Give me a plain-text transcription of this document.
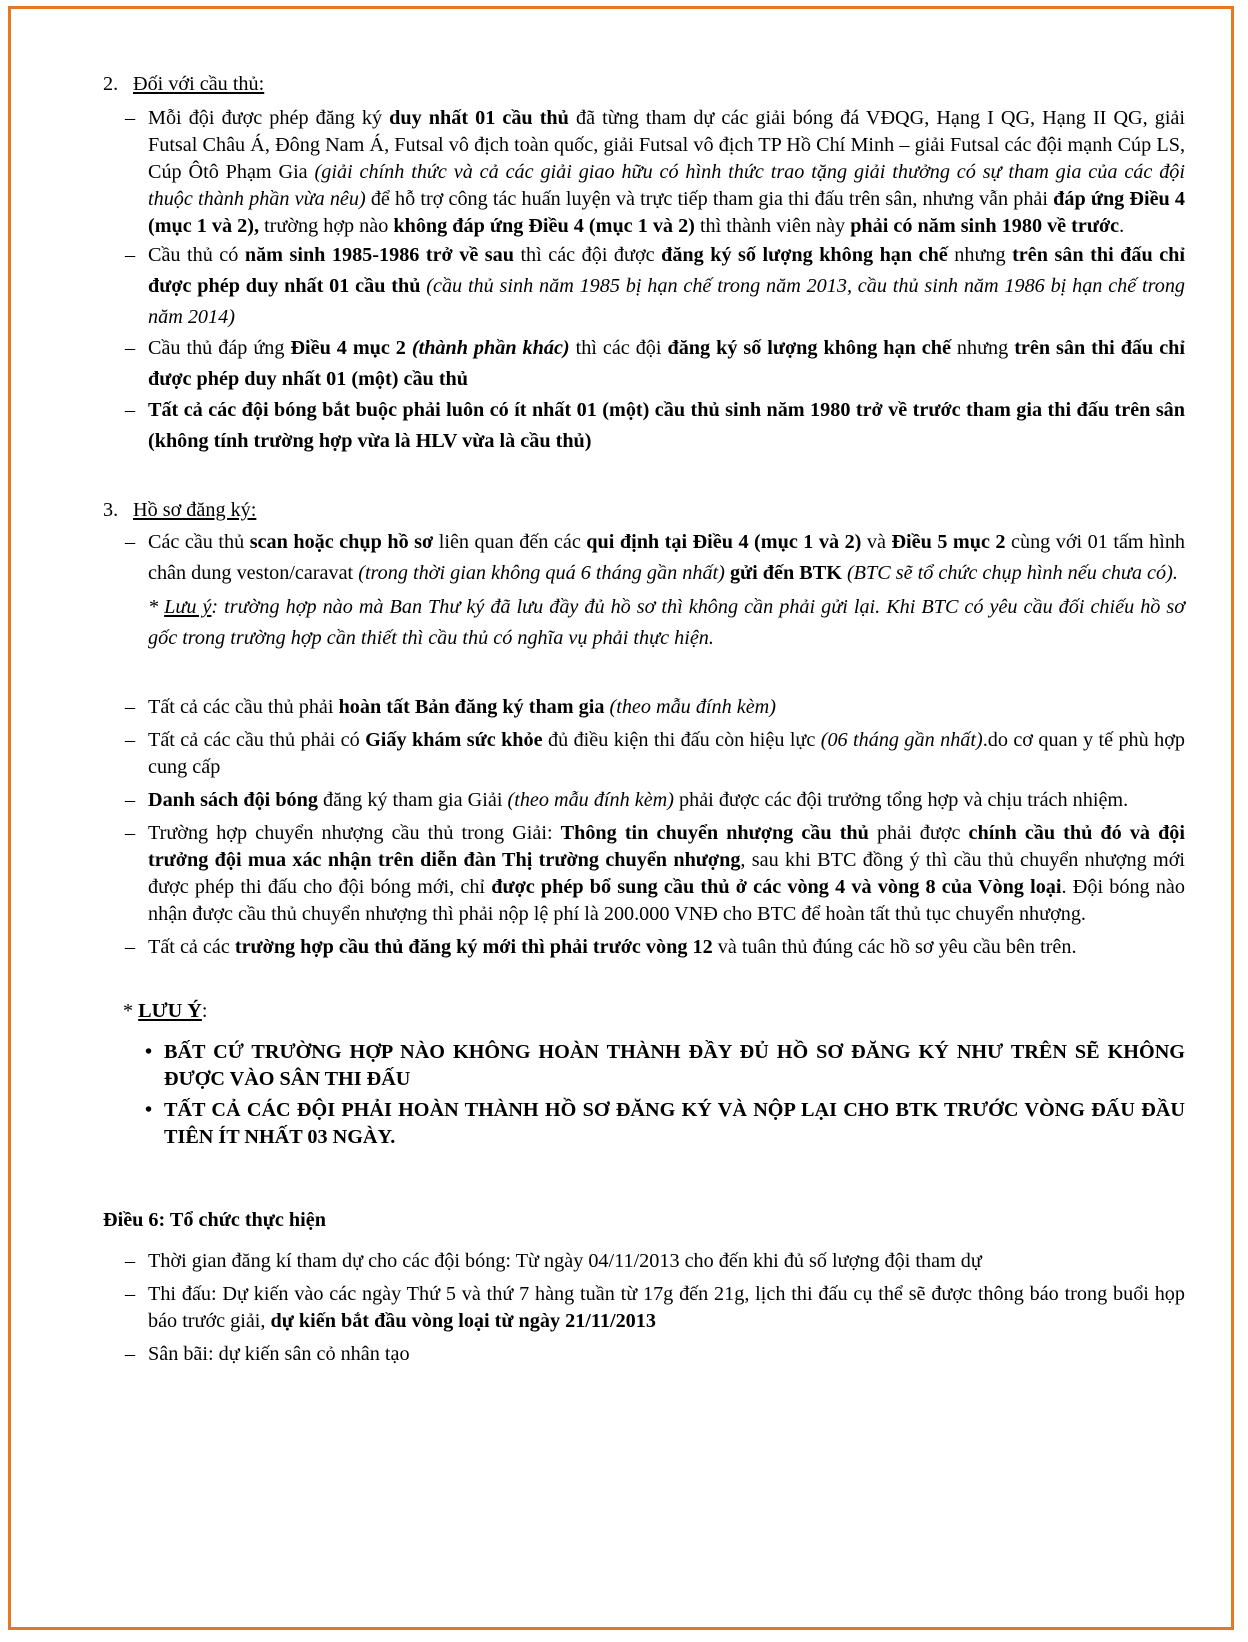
2. Đối với cầu thủ:

– Mỗi đội được phép đăng ký duy nhất 01 cầu thủ đã từng tham dự các giải bóng đá VĐQG, Hạng I QG, Hạng II QG, giải Futsal Châu Á, Đông Nam Á, Futsal vô địch toàn quốc, giải Futsal vô địch TP Hồ Chí Minh – giải Futsal các đội mạnh Cúp LS, Cúp Ôtô Phạm Gia (giải chính thức và cả các giải giao hữu có hình thức trao tặng giải thưởng có sự tham gia của các đội thuộc thành phần vừa nêu) để hỗ trợ công tác huấn luyện và trực tiếp tham gia thi đấu trên sân, nhưng vẫn phải đáp ứng Điều 4 (mục 1 và 2), trường hợp nào không đáp ứng Điều 4 (mục 1 và 2) thì thành viên này phải có năm sinh 1980 về trước.
– Cầu thủ có năm sinh 1985-1986 trở về sau thì các đội được đăng ký số lượng không hạn chế nhưng trên sân thi đấu chỉ được phép duy nhất 01 cầu thủ (cầu thủ sinh năm 1985 bị hạn chế trong năm 2013, cầu thủ sinh năm 1986 bị hạn chế trong năm 2014)
– Cầu thủ đáp ứng Điều 4 mục 2 (thành phần khác) thì các đội đăng ký số lượng không hạn chế nhưng trên sân thi đấu chỉ được phép duy nhất 01 (một) cầu thủ
– Tất cả các đội bóng bắt buộc phải luôn có ít nhất 01 (một) cầu thủ sinh năm 1980 trở về trước tham gia thi đấu trên sân (không tính trường hợp vừa là HLV vừa là cầu thủ)

3. Hồ sơ đăng ký:

– Các cầu thủ scan hoặc chụp hồ sơ liên quan đến các qui định tại Điều 4 (mục 1 và 2) và Điều 5 mục 2 cùng với 01 tấm hình chân dung veston/caravat (trong thời gian không quá 6 tháng gần nhất) gửi đến BTK (BTC sẽ tổ chức chụp hình nếu chưa có).
* Lưu ý: trường hợp nào mà Ban Thư ký đã lưu đầy đủ hồ sơ thì không cần phải gửi lại. Khi BTC có yêu cầu đối chiếu hồ sơ gốc trong trường hợp cần thiết thì cầu thủ có nghĩa vụ phải thực hiện.
– Tất cả các cầu thủ phải hoàn tất Bản đăng ký tham gia (theo mẫu đính kèm)
– Tất cả các cầu thủ phải có Giấy khám sức khỏe đủ điều kiện thi đấu còn hiệu lực (06 tháng gần nhất).do cơ quan y tế phù hợp cung cấp
– Danh sách đội bóng đăng ký tham gia Giải (theo mẫu đính kèm) phải được các đội trưởng tổng hợp và chịu trách nhiệm.
– Trường hợp chuyển nhượng cầu thủ trong Giải: Thông tin chuyển nhượng cầu thủ phải được chính cầu thủ đó và đội trưởng đội mua xác nhận trên diễn đàn Thị trường chuyển nhượng, sau khi BTC đồng ý thì cầu thủ chuyển nhượng mới được phép thi đấu cho đội bóng mới, chỉ được phép bổ sung cầu thủ ở các vòng 4 và vòng 8 của Vòng loại. Đội bóng nào nhận được cầu thủ chuyển nhượng thì phải nộp lệ phí là 200.000 VNĐ cho BTC để hoàn tất thủ tục chuyển nhượng.
– Tất cả các trường hợp cầu thủ đăng ký mới thì phải trước vòng 12 và tuân thủ đúng các hồ sơ yêu cầu bên trên.

* LƯU Ý:

• BẤT CỨ TRƯỜNG HỢP NÀO KHÔNG HOÀN THÀNH ĐẦY ĐỦ HỒ SƠ ĐĂNG KÝ NHƯ TRÊN SẼ KHÔNG ĐƯỢC VÀO SÂN THI ĐẤU
• TẤT CẢ CÁC ĐỘI PHẢI HOÀN THÀNH HỒ SƠ ĐĂNG KÝ VÀ NỘP LẠI CHO BTK TRƯỚC VÒNG ĐẤU ĐẦU TIÊN ÍT NHẤT 03 NGÀY.

Điều 6: Tổ chức thực hiện

– Thời gian đăng kí tham dự cho các đội bóng: Từ ngày 04/11/2013 cho đến khi đủ số lượng đội tham dự
– Thi đấu: Dự kiến vào các ngày Thứ 5 và thứ 7 hàng tuần từ 17g đến 21g, lịch thi đấu cụ thể sẽ được thông báo trong buổi họp báo trước giải, dự kiến bắt đầu vòng loại từ ngày 21/11/2013
– Sân bãi: dự kiến sân cỏ nhân tạo
